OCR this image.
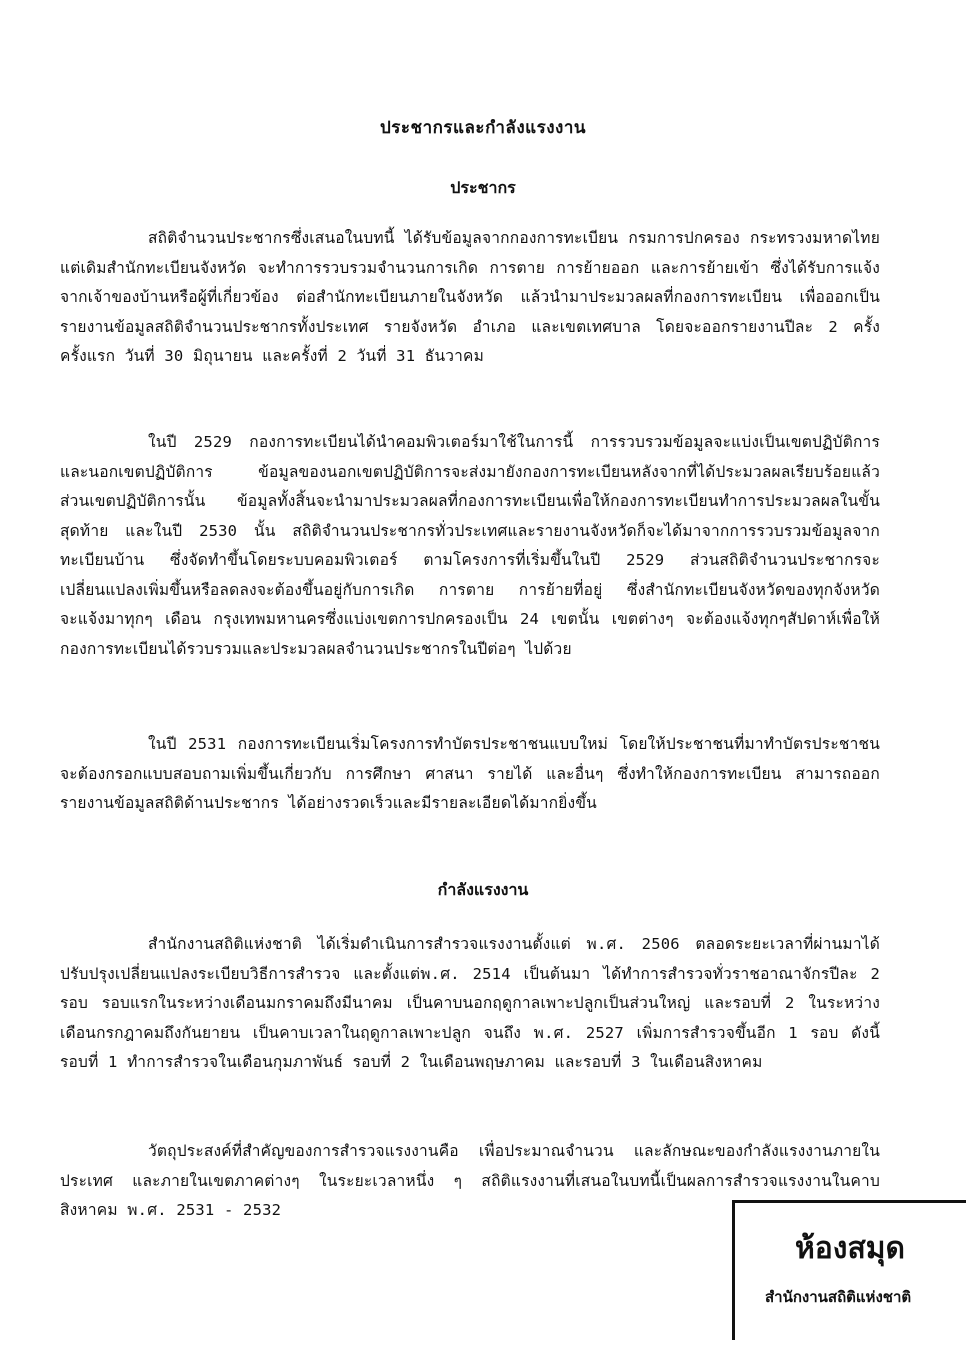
ประชากรและกำลังแรงงาน
ประชากร

สถิติจำนวนประชากรซึ่งเสนอในบทนี้ ได้รับข้อมูลจากกองการทะเบียน กรมการปกครอง กระทรวงมหาดไทย แต่เดิมสำนักทะเบียนจังหวัด จะทำการรวบรวมจำนวนการเกิด การตาย การย้ายออก และการย้ายเข้า ซึ่งได้รับการแจ้งจากเจ้าของบ้านหรือผู้ที่เกี่ยวข้อง ต่อสำนักทะเบียนภายในจังหวัด แล้วนำมาประมวลผลที่กองการทะเบียน เพื่อออกเป็นรายงานข้อมูลสถิติจำนวนประชากรทั้งประเทศ รายจังหวัด อำเภอ และเขตเทศบาล โดยจะออกรายงานปีละ 2 ครั้ง ครั้งแรก วันที่ 30 มิถุนายน และครั้งที่ 2 วันที่ 31 ธันวาคม

ในปี 2529 กองการทะเบียนได้นำคอมพิวเตอร์มาใช้ในการนี้ การรวบรวมข้อมูลจะแบ่งเป็นเขตปฏิบัติการและนอกเขตปฏิบัติการ ข้อมูลของนอกเขตปฏิบัติการจะส่งมายังกองการทะเบียนหลังจากที่ได้ประมวลผลเรียบร้อยแล้ว ส่วนเขตปฏิบัติการนั้น ข้อมูลทั้งสิ้นจะนำมาประมวลผลที่กองการทะเบียนเพื่อให้กองการทะเบียนทำการประมวลผลในขั้นสุดท้าย และในปี 2530 นั้น สถิติจำนวนประชากรทั่วประเทศและรายงานจังหวัดก็จะได้มาจากการรวบรวมข้อมูลจากทะเบียนบ้าน ซึ่งจัดทำขึ้นโดยระบบคอมพิวเตอร์ ตามโครงการที่เริ่มขึ้นในปี 2529 ส่วนสถิติจำนวนประชากรจะเปลี่ยนแปลงเพิ่มขึ้นหรือลดลงจะต้องขึ้นอยู่กับการเกิด การตาย การย้ายที่อยู่ ซึ่งสำนักทะเบียนจังหวัดของทุกจังหวัด จะแจ้งมาทุกๆ เดือน กรุงเทพมหานครซึ่งแบ่งเขตการปกครองเป็น 24 เขตนั้น เขตต่างๆ จะต้องแจ้งทุกๆสัปดาห์เพื่อให้กองการทะเบียนได้รวบรวมและประมวลผลจำนวนประชากรในปีต่อๆ ไปด้วย

ในปี 2531 กองการทะเบียนเริ่มโครงการทำบัตรประชาชนแบบใหม่ โดยให้ประชาชนที่มาทำบัตรประชาชนจะต้องกรอกแบบสอบถามเพิ่มขึ้นเกี่ยวกับ การศึกษา ศาสนา รายได้ และอื่นๆ ซึ่งทำให้กองการทะเบียน สามารถออกรายงานข้อมูลสถิติด้านประชากร ได้อย่างรวดเร็วและมีรายละเอียดได้มากยิ่งขึ้น

กำลังแรงงาน

สำนักงานสถิติแห่งชาติ ได้เริ่มดำเนินการสำรวจแรงงานตั้งแต่ พ.ศ. 2506 ตลอดระยะเวลาที่ผ่านมาได้ปรับปรุงเปลี่ยนแปลงระเบียบวิธีการสำรวจ และตั้งแต่พ.ศ. 2514 เป็นต้นมา ได้ทำการสำรวจทั่วราชอาณาจักรปีละ 2 รอบ รอบแรกในระหว่างเดือนมกราคมถึงมีนาคม เป็นคาบนอกฤดูกาลเพาะปลูกเป็นส่วนใหญ่ และรอบที่ 2 ในระหว่างเดือนกรกฎาคมถึงกันยายน เป็นคาบเวลาในฤดูกาลเพาะปลูก จนถึง พ.ศ. 2527 เพิ่มการสำรวจขึ้นอีก 1 รอบ ดังนี้ รอบที่ 1 ทำการสำรวจในเดือนกุมภาพันธ์ รอบที่ 2 ในเดือนพฤษภาคม และรอบที่ 3 ในเดือนสิงหาคม

วัตถุประสงค์ที่สำคัญของการสำรวจแรงงานคือ เพื่อประมาณจำนวน และลักษณะของกำลังแรงงานภายในประเทศ และภายในเขตภาคต่างๆ ในระยะเวลาหนึ่ง ๆ สถิติแรงงานที่เสนอในบทนี้เป็นผลการสำรวจแรงงานในคาบ สิงหาคม พ.ศ. 2531 - 2532

ห้องสมุด
สำนักงานสถิติแห่งชาติ
